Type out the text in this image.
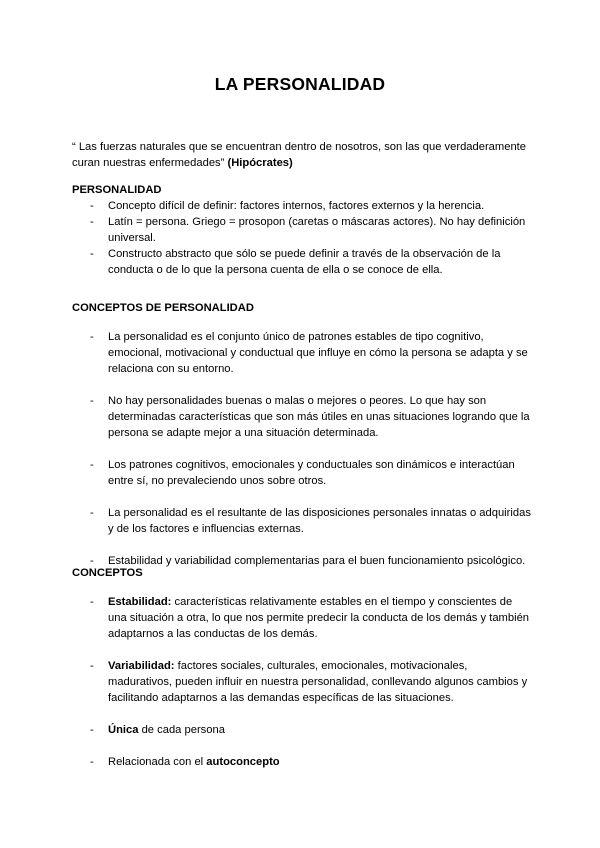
LA PERSONALIDAD
“ Las fuerzas naturales que se encuentran dentro de nosotros, son las que verdaderamente curan nuestras enfermedades” (Hipócrates)
PERSONALIDAD
- Concepto difícil de definir: factores internos, factores externos y la herencia.
- Latín = persona. Griego = prosopon (caretas o máscaras actores). No hay definición universal.
- Constructo abstracto que sólo se puede definir a través de la observación de la conducta o de lo que la persona cuenta de ella o se conoce de ella.
CONCEPTOS DE PERSONALIDAD
- La personalidad es el conjunto único de patrones estables de tipo cognitivo, emocional, motivacional y conductual que influye en cómo la persona se adapta y se relaciona con su entorno.
- No hay personalidades buenas o malas o mejores o peores. Lo que hay son determinadas características que son más útiles en unas situaciones logrando que la persona se adapte mejor a una situación determinada.
- Los patrones cognitivos, emocionales y conductuales son dinámicos e interactúan entre sí, no prevaleciendo unos sobre otros.
- La personalidad es el resultante de las disposiciones personales innatas o adquiridas y de los factores e influencias externas.
- Estabilidad y variabilidad complementarias para el buen funcionamiento psicológico.
CONCEPTOS
- Estabilidad: características relativamente estables en el tiempo y conscientes de una situación a otra, lo que nos permite predecir la conducta de los demás y también adaptarnos a las conductas de los demás.
- Variabilidad: factores sociales, culturales, emocionales, motivacionales, madurativos, pueden influir en nuestra personalidad, conllevando algunos cambios y facilitando adaptarnos a las demandas específicas de las situaciones.
- Única de cada persona
- Relacionada con el autoconcepto
